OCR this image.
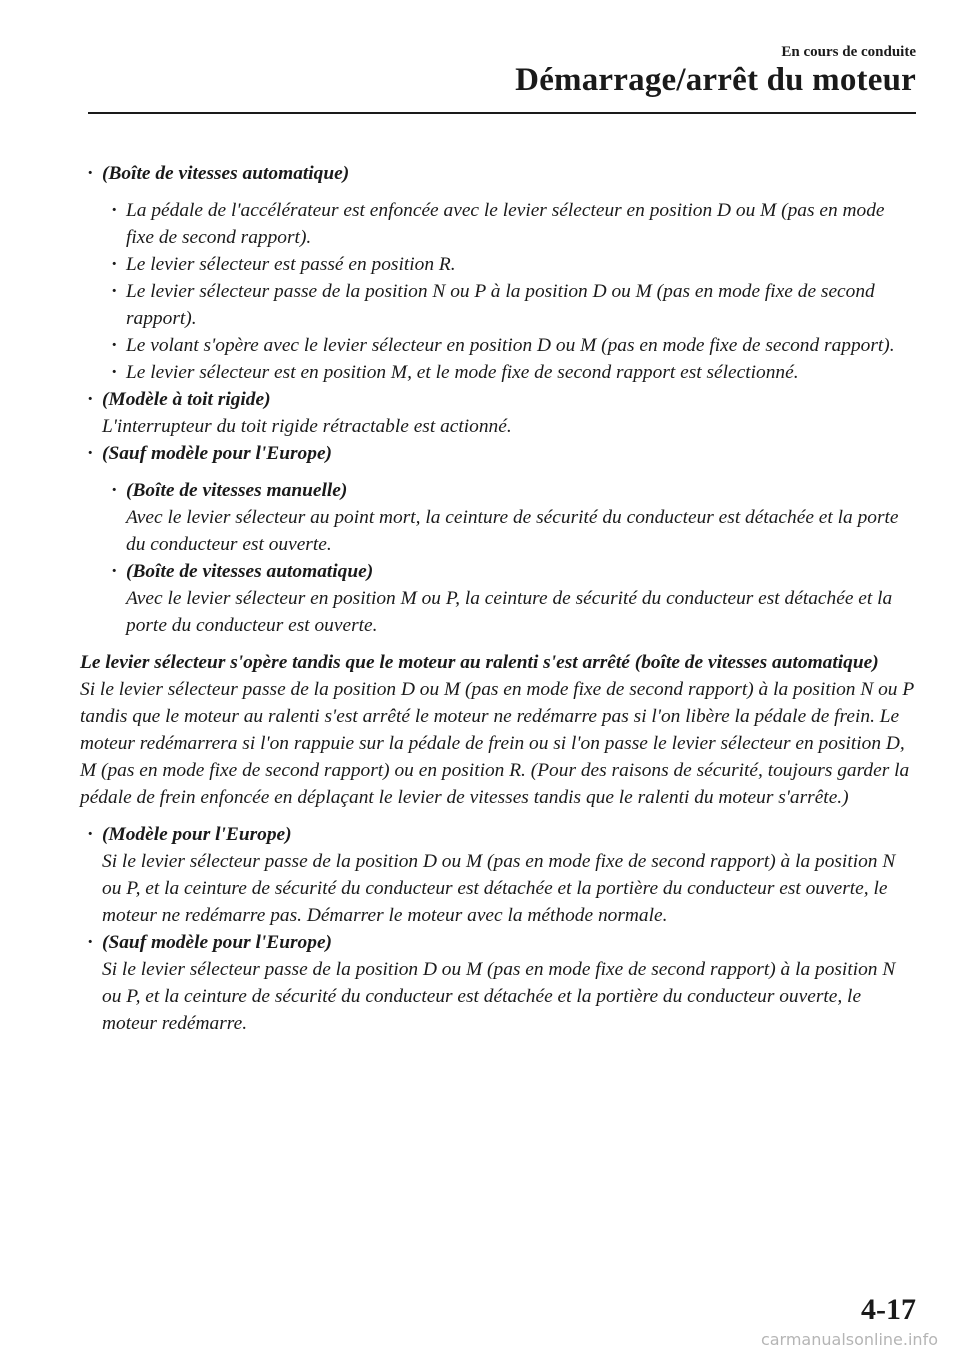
En cours de conduite
Démarrage/arrêt du moteur
· (Boîte de vitesses automatique)
· La pédale de l'accélérateur est enfoncée avec le levier sélecteur en position D ou M (pas en mode fixe de second rapport).
· Le levier sélecteur est passé en position R.
· Le levier sélecteur passe de la position N ou P à la position D ou M (pas en mode fixe de second rapport).
· Le volant s'opère avec le levier sélecteur en position D ou M (pas en mode fixe de second rapport).
· Le levier sélecteur est en position M, et le mode fixe de second rapport est sélectionné.
· (Modèle à toit rigide)
L'interrupteur du toit rigide rétractable est actionné.
· (Sauf modèle pour l'Europe)
· (Boîte de vitesses manuelle)
Avec le levier sélecteur au point mort, la ceinture de sécurité du conducteur est détachée et la porte du conducteur est ouverte.
· (Boîte de vitesses automatique)
Avec le levier sélecteur en position M ou P, la ceinture de sécurité du conducteur est détachée et la porte du conducteur est ouverte.
Le levier sélecteur s'opère tandis que le moteur au ralenti s'est arrêté (boîte de vitesses automatique)

Si le levier sélecteur passe de la position D ou M (pas en mode fixe de second rapport) à la position N ou P tandis que le moteur au ralenti s'est arrêté le moteur ne redémarre pas si l'on libère la pédale de frein. Le moteur redémarrera si l'on rappuie sur la pédale de frein ou si l'on passe le levier sélecteur en position D, M (pas en mode fixe de second rapport) ou en position R. (Pour des raisons de sécurité, toujours garder la pédale de frein enfoncée en déplaçant le levier de vitesses tandis que le ralenti du moteur s'arrête.)

· (Modèle pour l'Europe)
Si le levier sélecteur passe de la position D ou M (pas en mode fixe de second rapport) à la position N ou P, et la ceinture de sécurité du conducteur est détachée et la portière du conducteur est ouverte, le moteur ne redémarre pas. Démarrer le moteur avec la méthode normale.
· (Sauf modèle pour l'Europe)
Si le levier sélecteur passe de la position D ou M (pas en mode fixe de second rapport) à la position N ou P, et la ceinture de sécurité du conducteur est détachée et la portière du conducteur ouverte, le moteur redémarre.
4-17
carmanualsonline.info
